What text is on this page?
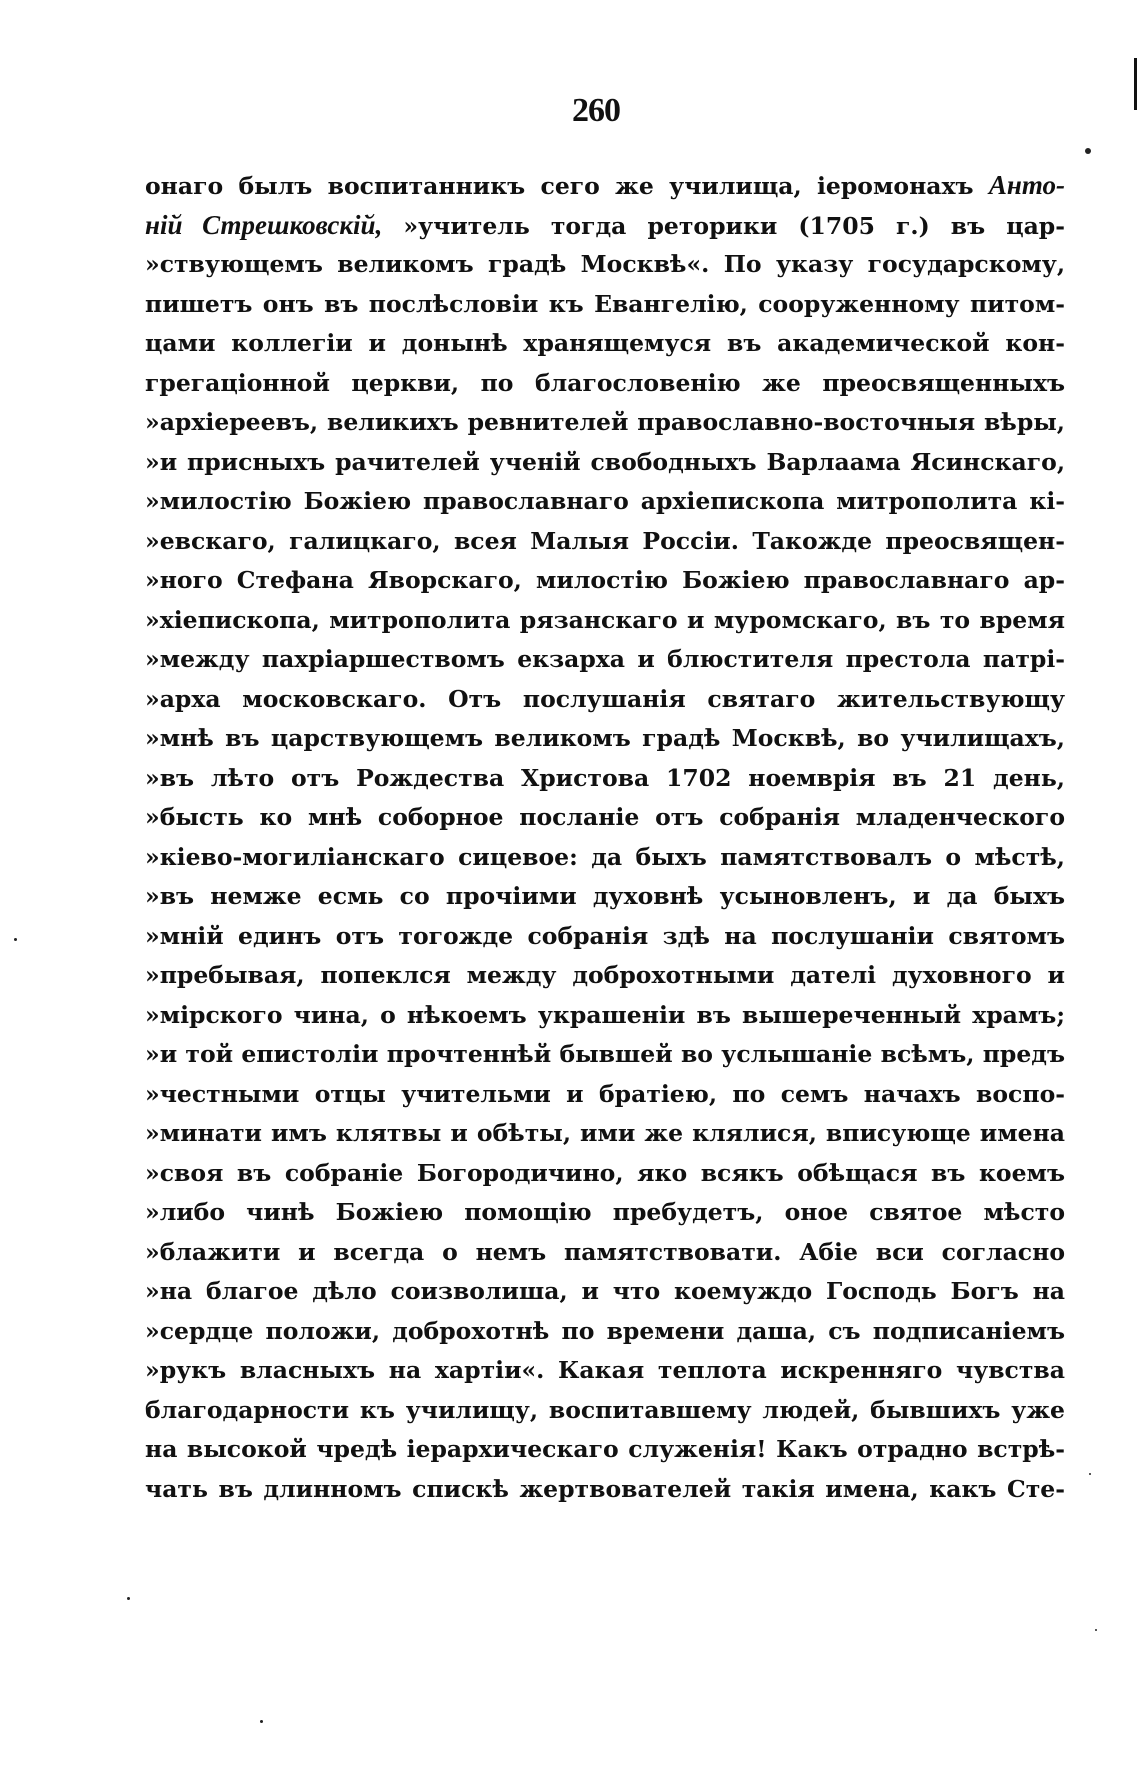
260
онаго былъ воспитанникъ сего же училища, іеромонахъ Анто-
ній Стрешковскій, »учитель тогда реторики (1705 г.) въ цар-
»ствующемъ великомъ градѣ Москвѣ«. По указу государскому,
пишетъ онъ въ послѣсловіи къ Евангелію, сооруженному питом-
цами коллегіи и донынѣ хранящемуся въ академической кон-
грегаціонной церкви, по благословенію же преосвященныхъ
»архіереевъ, великихъ ревнителей православно-восточныя вѣры,
»и присныхъ рачителей ученій свободныхъ Варлаама Ясинскаго,
»милостію Божіею православнаго архіепископа митрополита кі-
»евскаго, галицкаго, всея Малыя Россіи. Такожде преосвящен-
»ного Стефана Яворскаго, милостію Божіею православнаго ар-
»хіепископа, митрополита рязанскаго и муромскаго, въ то время
»между пахріаршествомъ екзарха и блюстителя престола патрі-
»арха московскаго. Отъ послушанія святаго жительствующу
»мнѣ въ царствующемъ великомъ градѣ Москвѣ, во училищахъ,
»въ лѣто отъ Рождества Христова 1702 ноемврія въ 21 день,
»бысть ко мнѣ соборное посланіе отъ собранія младенческого
»кіево-могиліанскаго сицевое: да быхъ памятствовалъ о мѣстѣ,
»въ немже есмь со прочіими духовнѣ усыновленъ, и да быхъ
»мній единъ отъ тогожде собранія здѣ на послушаніи святомъ
»пребывая, попеклся между доброхотными дателі духовного и
»мірского чина, о нѣкоемъ украшеніи въ вышереченный храмъ;
»и той епистоліи прочтеннѣй бывшей во услышаніе всѣмъ, предъ
»честными отцы учительми и братіею, по семъ начахъ воспо-
»минати имъ клятвы и обѣты, ими же клялися, вписующе имена
»своя въ собраніе Богородичино, яко всякъ обѣщася въ коемъ
»либо чинѣ Божіею помощію пребудетъ, оное святое мѣсто
»блажити и всегда о немъ памятствовати. Абіе вси согласно
»на благое дѣло соизволиша, и что коемуждо Господь Богъ на
»сердце положи, доброхотнѣ по времени даша, съ подписаніемъ
»рукъ власныхъ на хартіи«. Какая теплота искренняго чувства
благодарности къ училищу, воспитавшему людей, бывшихъ уже
на высокой чредѣ іерархическаго служенія! Какъ отрадно встрѣ-
чать въ длинномъ спискѣ жертвователей такія имена, какъ Сте-
